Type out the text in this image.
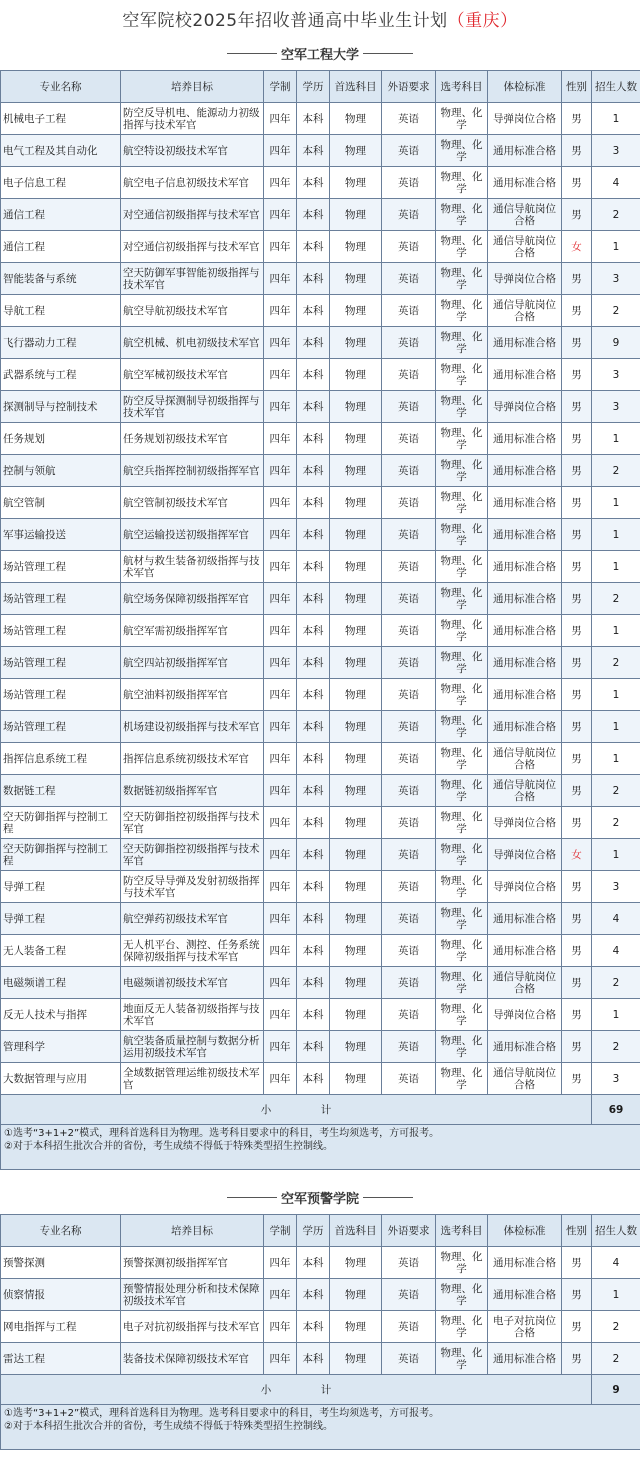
空军院校2025年招收普通高中毕业生计划 （重庆）
空军工程大学
专业名称	培养目标	学制	学历	首选科目	外语要求	选考科目	体检标准	性别	招生人数
机械电子工程	防空反导机电、能源动力初级指挥与技术军官	四年	本科	物理	英语	物理、化学	导弹岗位合格	男	1
电气工程及其自动化	航空特设初级技术军官	四年	本科	物理	英语	物理、化学	通用标准合格	男	3
电子信息工程	航空电子信息初级技术军官	四年	本科	物理	英语	物理、化学	通用标准合格	男	4
通信工程	对空通信初级指挥与技术军官	四年	本科	物理	英语	物理、化学	通信导航岗位合格	男	2
通信工程	对空通信初级指挥与技术军官	四年	本科	物理	英语	物理、化学	通信导航岗位合格	女	1
智能装备与系统	空天防御军事智能初级指挥与技术军官	四年	本科	物理	英语	物理、化学	导弹岗位合格	男	3
导航工程	航空导航初级技术军官	四年	本科	物理	英语	物理、化学	通信导航岗位合格	男	2
飞行器动力工程	航空机械、机电初级技术军官	四年	本科	物理	英语	物理、化学	通用标准合格	男	9
武器系统与工程	航空军械初级技术军官	四年	本科	物理	英语	物理、化学	通用标准合格	男	3
探测制导与控制技术	防空反导探测制导初级指挥与技术军官	四年	本科	物理	英语	物理、化学	导弹岗位合格	男	3
任务规划	任务规划初级技术军官	四年	本科	物理	英语	物理、化学	通用标准合格	男	1
控制与领航	航空兵指挥控制初级指挥军官	四年	本科	物理	英语	物理、化学	通用标准合格	男	2
航空管制	航空管制初级技术军官	四年	本科	物理	英语	物理、化学	通用标准合格	男	1
军事运输投送	航空运输投送初级指挥军官	四年	本科	物理	英语	物理、化学	通用标准合格	男	1
场站管理工程	航材与救生装备初级指挥与技术军官	四年	本科	物理	英语	物理、化学	通用标准合格	男	1
场站管理工程	航空场务保障初级指挥军官	四年	本科	物理	英语	物理、化学	通用标准合格	男	2
场站管理工程	航空军需初级指挥军官	四年	本科	物理	英语	物理、化学	通用标准合格	男	1
场站管理工程	航空四站初级指挥军官	四年	本科	物理	英语	物理、化学	通用标准合格	男	2
场站管理工程	航空油料初级指挥军官	四年	本科	物理	英语	物理、化学	通用标准合格	男	1
场站管理工程	机场建设初级指挥与技术军官	四年	本科	物理	英语	物理、化学	通用标准合格	男	1
指挥信息系统工程	指挥信息系统初级技术军官	四年	本科	物理	英语	物理、化学	通信导航岗位合格	男	1
数据链工程	数据链初级指挥军官	四年	本科	物理	英语	物理、化学	通信导航岗位合格	男	2
空天防御指挥与控制工程	空天防御指控初级指挥与技术军官	四年	本科	物理	英语	物理、化学	导弹岗位合格	男	2
空天防御指挥与控制工程	空天防御指控初级指挥与技术军官	四年	本科	物理	英语	物理、化学	导弹岗位合格	女	1
导弹工程	防空反导导弹及发射初级指挥与技术军官	四年	本科	物理	英语	物理、化学	导弹岗位合格	男	3
导弹工程	航空弹药初级技术军官	四年	本科	物理	英语	物理、化学	通用标准合格	男	4
无人装备工程	无人机平台、测控、任务系统保障初级指挥与技术军官	四年	本科	物理	英语	物理、化学	通用标准合格	男	4
电磁频谱工程	电磁频谱初级技术军官	四年	本科	物理	英语	物理、化学	通信导航岗位合格	男	2
反无人技术与指挥	地面反无人装备初级指挥与技术军官	四年	本科	物理	英语	物理、化学	导弹岗位合格	男	1
管理科学	航空装备质量控制与数据分析运用初级技术军官	四年	本科	物理	英语	物理、化学	通用标准合格	男	2
大数据管理与应用	全域数据管理运维初级技术军官	四年	本科	物理	英语	物理、化学	通信导航岗位合格	男	3
小 计									69

①选考“3+1+2”模式，理科首选科目为物理。选考科目要求中的科目，考生均须选考，方可报考。
②对于本科招生批次合并的省份，考生成绩不得低于特殊类型招生控制线。									
空军预警学院
专业名称	培养目标	学制	学历	首选科目	外语要求	选考科目	体检标准	性别	招生人数
预警探测	预警探测初级指挥军官	四年	本科	物理	英语	物理、化学	通用标准合格	男	4
侦察情报	预警情报处理分析和技术保障初级技术军官	四年	本科	物理	英语	物理、化学	通用标准合格	男	1
网电指挥与工程	电子对抗初级指挥与技术军官	四年	本科	物理	英语	物理、化学	电子对抗岗位合格	男	2
雷达工程	装备技术保障初级技术军官	四年	本科	物理	英语	物理、化学	通用标准合格	男	2
小 计									9

①选考“3+1+2”模式，理科首选科目为物理。选考科目要求中的科目，考生均须选考，方可报考。
②对于本科招生批次合并的省份，考生成绩不得低于特殊类型招生控制线。									
